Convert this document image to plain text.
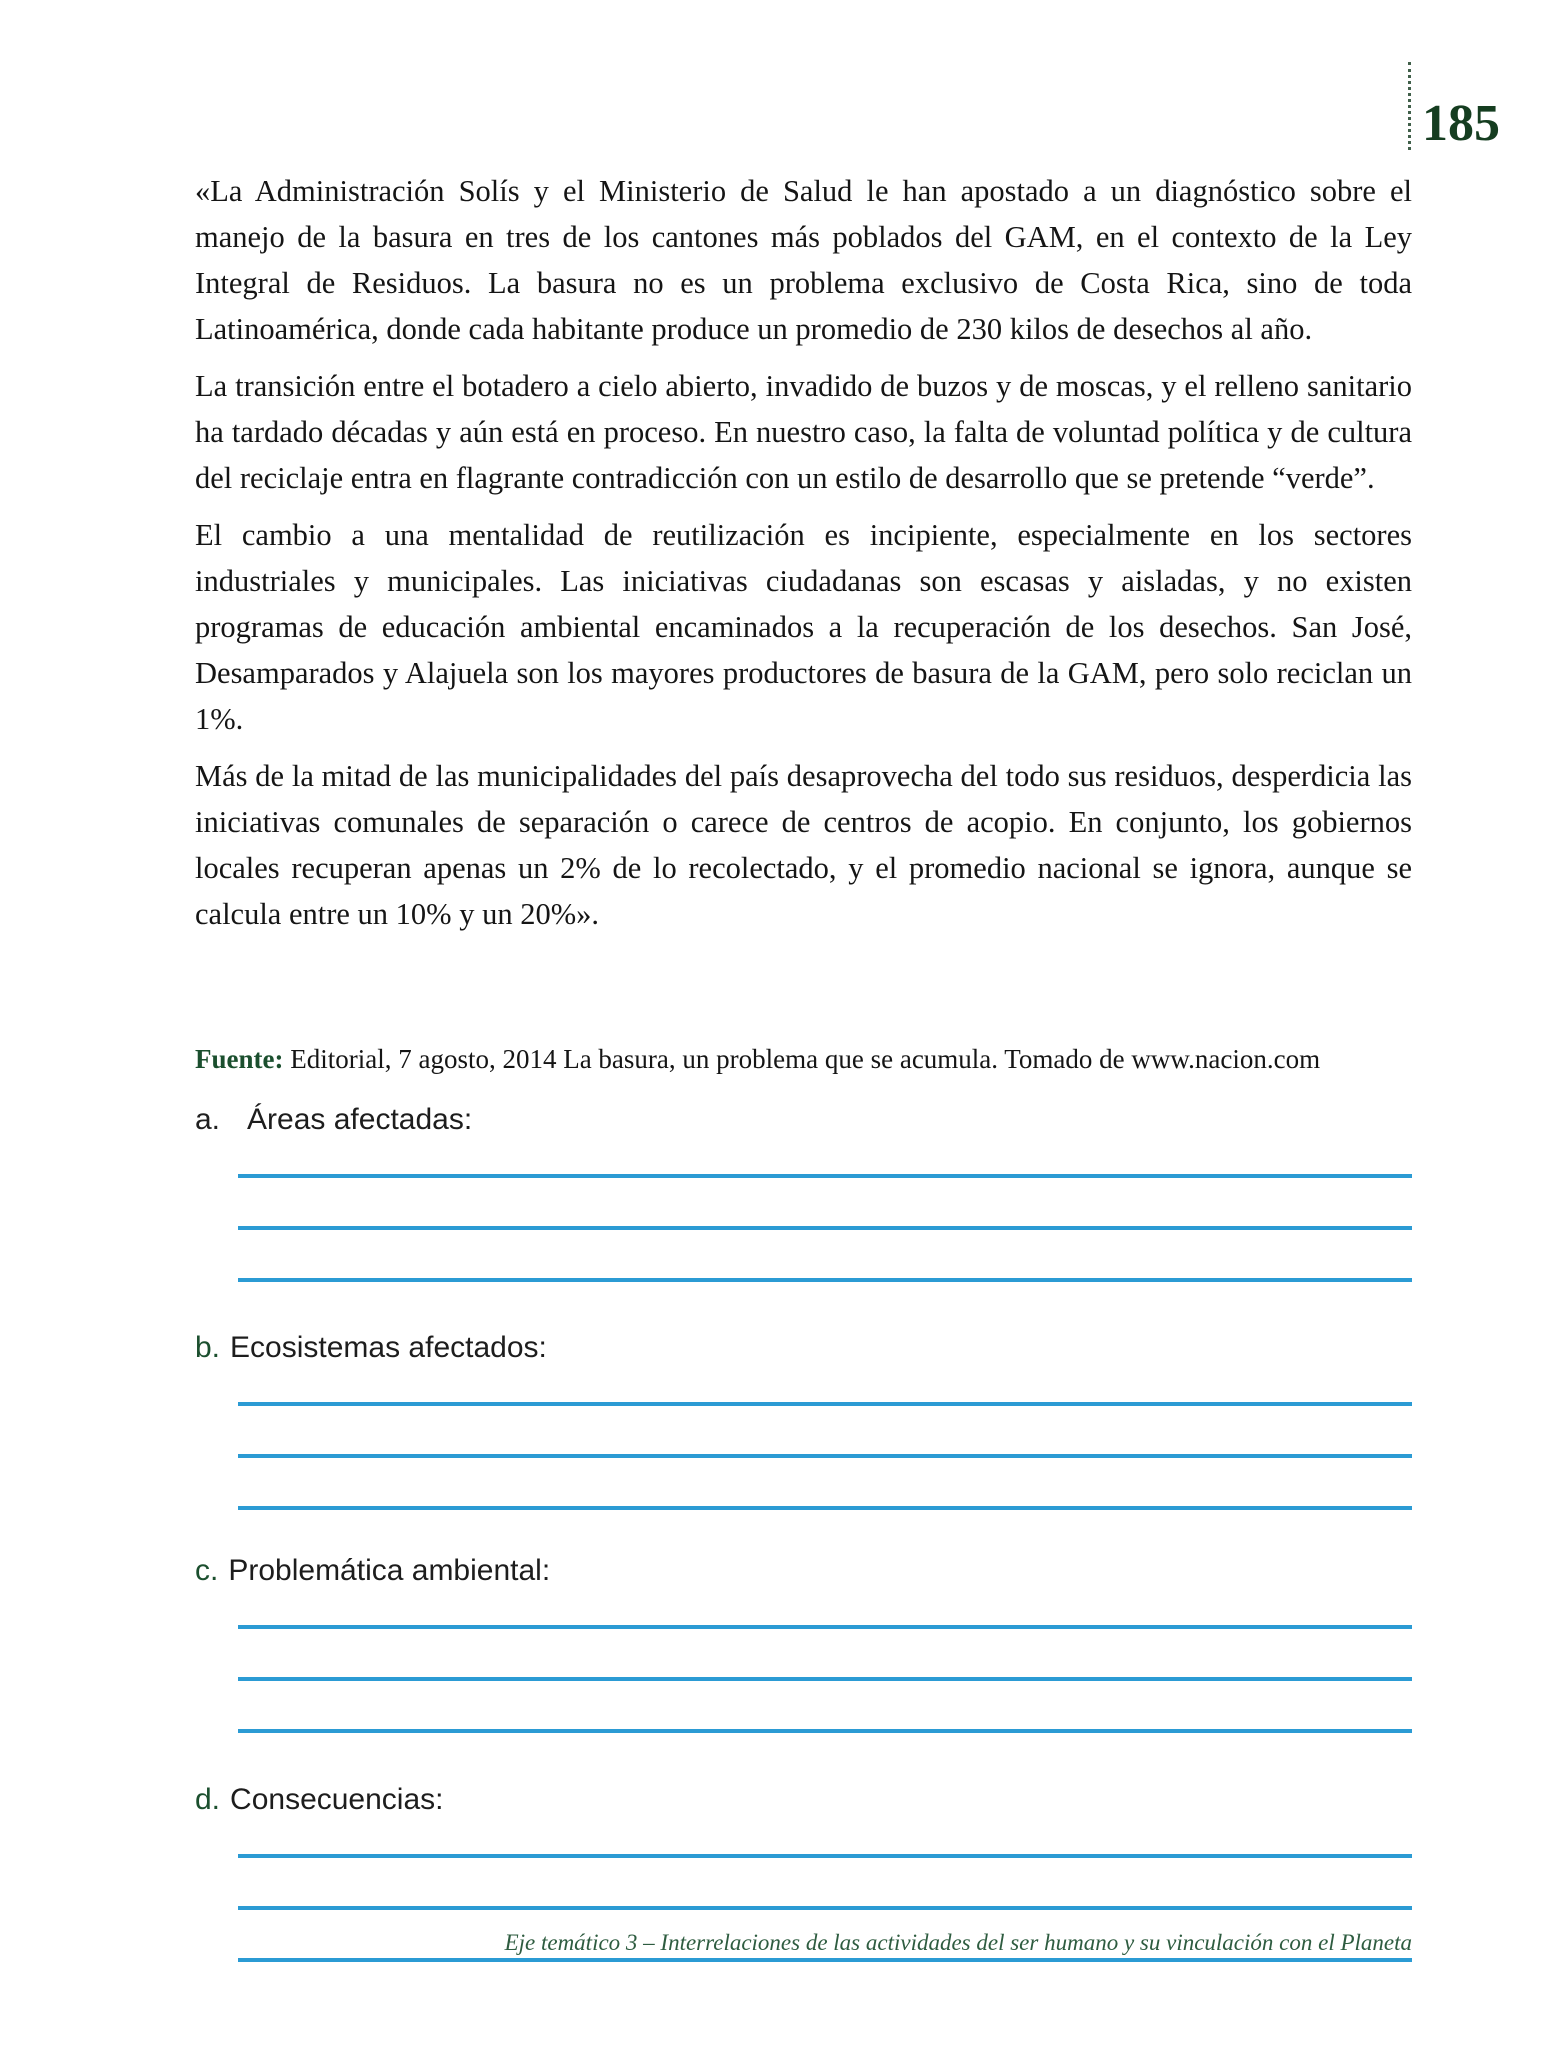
185

«La Administración Solís y el Ministerio de Salud le han apostado a un diagnóstico sobre el manejo de la basura en tres de los cantones más poblados del GAM, en el contexto de la Ley Integral de Residuos. La basura no es un problema exclusivo de Costa Rica, sino de toda Latinoamérica, donde cada habitante produce un promedio de 230 kilos de desechos al año.

La transición entre el botadero a cielo abierto, invadido de buzos y de moscas, y el relleno sanitario ha tardado décadas y aún está en proceso. En nuestro caso, la falta de voluntad política y de cultura del reciclaje entra en flagrante contradicción con un estilo de desarrollo que se pretende “verde”.

El cambio a una mentalidad de reutilización es incipiente, especialmente en los sectores industriales y municipales. Las iniciativas ciudadanas son escasas y aisladas, y no existen programas de educación ambiental encaminados a la recuperación de los desechos. San José, Desamparados y Alajuela son los mayores productores de basura de la GAM, pero solo reciclan un 1%.

Más de la mitad de las municipalidades del país desaprovecha del todo sus residuos, desperdicia las iniciativas comunales de separación o carece de centros de acopio. En conjunto, los gobiernos locales recuperan apenas un 2% de lo recolectado, y el promedio nacional se ignora, aunque se calcula entre un 10% y un 20%».

Fuente: Editorial, 7 agosto, 2014 La basura, un problema que se acumula. Tomado de www.nacion.com
a. Áreas afectadas:
b. Ecosistemas afectados:
c. Problemática ambiental:
d. Consecuencias:
Eje temático 3 – Interrelaciones de las actividades del ser humano y su vinculación con el Planeta
